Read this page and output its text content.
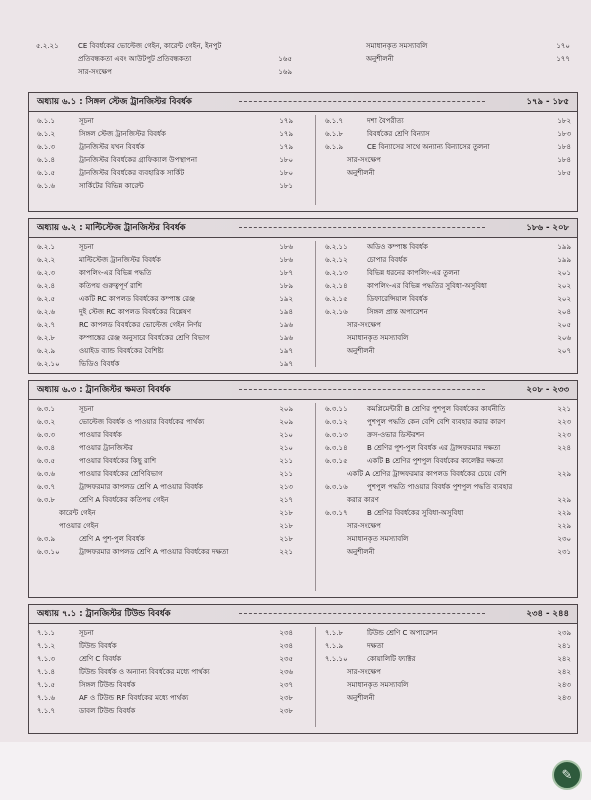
৫.২.২১	CE বিবর্ধকের ভোল্টেজ গেইন, কারেন্ট গেইন, ইনপুট
প্রতিবন্ধকতা এবং আউটপুট প্রতিবন্ধকতা	১৬৫
সার-সংক্ষেপ	১৬৯
সমাধানকৃত সমস্যাবলি	১৭০
অনুশীলনী	১৭৭
অধ্যায় ৬.১ : সিঙ্গল স্টেজ ট্রানজিস্টর বিবর্ধক	১৭৯ - ১৮৫
৬.১.১	সূচনা	১৭৯
৬.১.২	সিঙ্গল স্টেজ ট্রানজিস্টর বিবর্ধক	১৭৯
৬.১.৩	ট্রানজিস্টর যখন বিবর্ধক	১৭৯
৬.১.৪	ট্রানজিস্টর বিবর্ধকের গ্রাফিক্যাল উপস্থাপনা	১৮০
৬.১.৫	ট্রানজিস্টর বিবর্ধকের ব্যবহারিক সার্কিট	১৮০
৬.১.৬	সার্কিটের বিভিন্ন কারেন্ট	১৮১
৬.১.৭	দশা বৈপরীত্য	১৮২
৬.১.৮	বিবর্ধকের শ্রেণি বিন্যাস	১৮৩
৬.১.৯	CE বিন্যাসের সাথে অন্যান্য বিন্যাসের তুলনা	১৮৪
সার-সংক্ষেপ	১৮৪
অনুশীলনী	১৮৫
অধ্যায় ৬.২ : মাল্টিস্টেজ ট্রানজিস্টর বিবর্ধক	১৮৬ - ২০৮
৬.২.১	সূচনা	১৮৬
৬.২.২	মাল্টিস্টেজ ট্রানজিস্টর বিবর্ধক	১৮৬
৬.২.৩	কাপলিং-এর বিভিন্ন পদ্ধতি	১৮৭
৬.২.৪	কতিপয় গুরুত্বপূর্ণ রাশি	১৮৯
৬.২.৫	একটি RC কাপলড বিবর্ধকের কম্পাঙ্ক রেঞ্জ	১৯২
৬.২.৬	দুই স্টেজ RC কাপলড বিবর্ধকের বিশ্লেষণ	১৯৪
৬.২.৭	RC কাপলড বিবর্ধকের ভোল্টেজ গেইন নির্ণয়	১৯৬
৬.২.৮	কম্পাঙ্কের রেঞ্জ অনুসারে বিবর্ধকের শ্রেণি বিভাগ	১৯৬
৬.২.৯	ওয়াইড ব্যান্ড বিবর্ধকের বৈশিষ্ট্য	১৯৭
৬.২.১০	ভিডিও বিবর্ধক	১৯৭
৬.২.১১	অডিও কম্পাঙ্ক বিবর্ধক	১৯৯
৬.২.১২	চোপার বিবর্ধক	১৯৯
৬.২.১৩	বিভিন্ন ধরনের কাপলিং-এর তুলনা	২০১
৬.২.১৪	কাপলিং-এর বিভিন্ন পদ্ধতির সুবিধা-অসুবিধা	২০২
৬.২.১৫	ডিফারেন্সিয়াল বিবর্ধক	২০২
৬.২.১৬	সিঙ্গল প্রান্ত অপারেশন	২০৪
সার-সংক্ষেপ	২০৫
সমাধানকৃত সমস্যাবলি	২০৬
অনুশীলনী	২০৭
অধ্যায় ৬.৩ : ট্রানজিস্টর ক্ষমতা বিবর্ধক	২০৮ - ২৩৩
৬.৩.১	সূচনা	২০৯
৬.৩.২	ভোল্টেজ বিবর্ধক ও পাওয়ার বিবর্ধকের পার্থক্য	২০৯
৬.৩.৩	পাওয়ার বিবর্ধক	২১০
৬.৩.৪	পাওয়ার ট্রানজিস্টর	২১০
৬.৩.৫	পাওয়ার বিবর্ধকের কিছু রাশি	২১১
৬.৩.৬	পাওয়ার বিবর্ধকের শ্রেণিবিভাগ	২১১
৬.৩.৭	ট্রান্সফরমার কাপলড শ্রেণি A পাওয়ার বিবর্ধক	২১৩
৬.৩.৮	শ্রেণি A বিবর্ধকের কতিপয় গেইন	২১৭
কারেন্ট গেইন	২১৮
পাওয়ার গেইন	২১৮
৬.৩.৯	শ্রেণি A পুশ-পুল বিবর্ধক	২১৮
৬.৩.১০	ট্রান্সফরমার কাপলড শ্রেণি A পাওয়ার বিবর্ধকের দক্ষতা	২২১
৬.৩.১১	কমপ্লিমেন্টারী B শ্রেণির পুশপুল বিবর্ধকের কার্যনীতি	২২১
৬.৩.১২	পুশপুল পদ্ধতি কেন বেশি বেশি ব্যবহার করার কারণ	২২৩
৬.৩.১৩	ক্রস-ওভার ডিস্টরশন	২২৩
৬.৩.১৪	B শ্রেণির পুশ-পুল বিবর্ধক এর ট্রান্সফরমার দক্ষতা	২২৪
৬.৩.১৫	একটি B শ্রেণির পুশপুল বিবর্ধকের কালেক্টর দক্ষতা
একটি A শ্রেণির ট্রান্সফরমার কাপলড বিবর্ধকের চেয়ে বেশি	২২৯
৬.৩.১৬	পুশপুল পদ্ধতি পাওয়ার বিবর্ধক পুশপুল পদ্ধতি ব্যবহার
করার কারণ	২২৯
৬.৩.১৭	B শ্রেণির বিবর্ধকের সুবিধা-অসুবিধা	২২৯
সার-সংক্ষেপ	২২৯
সমাধানকৃত সমস্যাবলি	২৩০
অনুশীলনী	২৩১
অধ্যায় ৭.১ : ট্রানজিস্টর টিউন্ড বিবর্ধক	২৩৪ - ২৪৪
৭.১.১	সূচনা	২৩৪
৭.১.২	টিউন্ড বিবর্ধক	২৩৪
৭.১.৩	শ্রেণি C বিবর্ধক	২৩৫
৭.১.৪	টিউন্ড বিবর্ধক ও অন্যান্য বিবর্ধকের মধ্যে পার্থক্য	২৩৬
৭.১.৫	সিঙ্গল টিউন্ড বিবর্ধক	২৩৭
৭.১.৬	AF ও টিউন্ড RF বিবর্ধকের মধ্যে পার্থক্য	২৩৮
৭.১.৭	ডাবল টিউন্ড বিবর্ধক	২৩৮
৭.১.৮	টিউন্ড শ্রেণি C অপারেশন	২৩৯
৭.১.৯	দক্ষতা	২৪১
৭.১.১০	কোয়ালিটি ফ্যাক্টর	২৪২
সার-সংক্ষেপ	২৪২
সমাধানকৃত সমস্যাবলি	২৪৩
অনুশীলনী	২৪৩
✎
